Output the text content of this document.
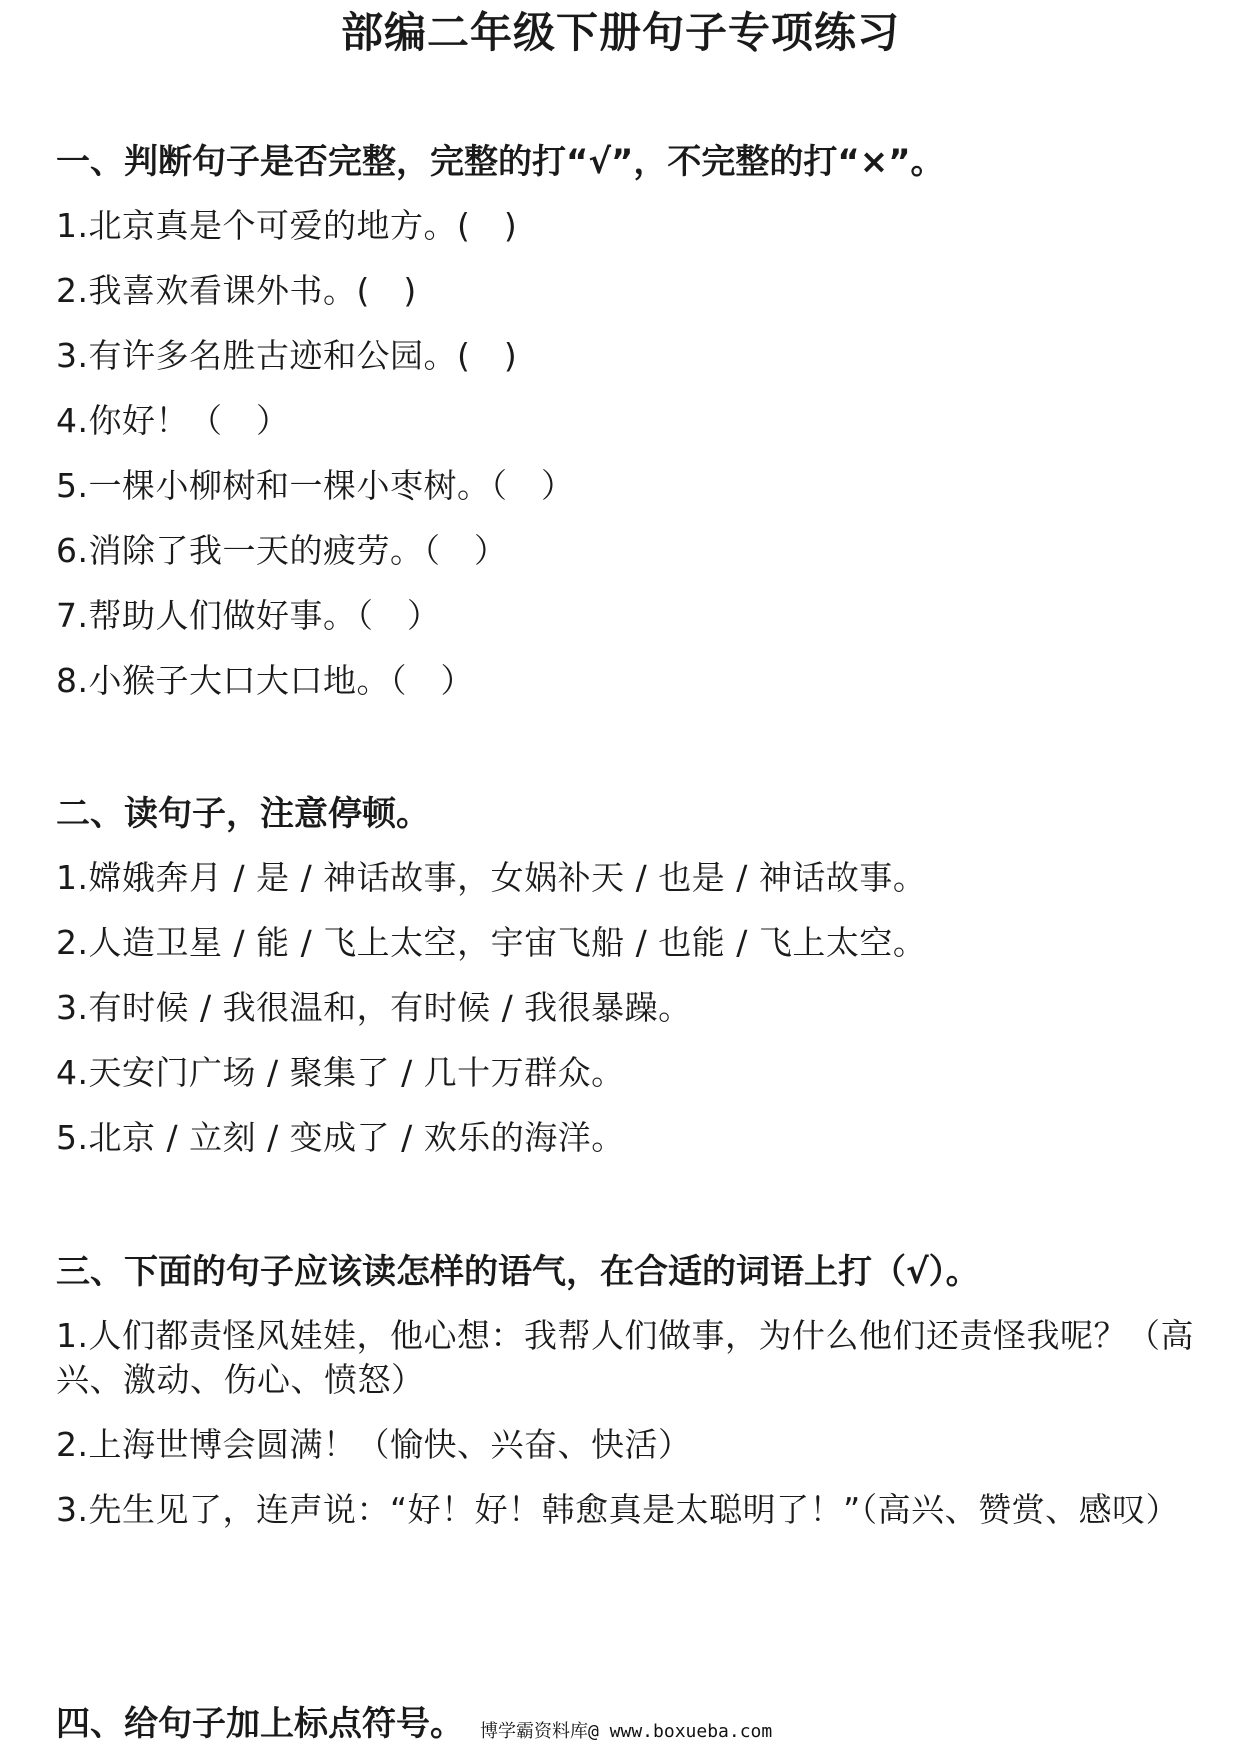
部编二年级下册句子专项练习
一、判断句子是否完整，完整的打“√”，不完整的打“×”。
1.北京真是个可爱的地方。(　)
2.我喜欢看课外书。(　)
3.有许多名胜古迹和公园。(　)
4.你好！（　）
5.一棵小柳树和一棵小枣树。（　）
6.消除了我一天的疲劳。（　）
7.帮助人们做好事。（　）
8.小猴子大口大口地。（　）
二、读句子，注意停顿。
1.嫦娥奔月 / 是 / 神话故事，女娲补天 / 也是 / 神话故事。
2.人造卫星 / 能 / 飞上太空，宇宙飞船 / 也能 / 飞上太空。
3.有时候 / 我很温和，有时候 / 我很暴躁。
4.天安门广场 / 聚集了 / 几十万群众。
5.北京 / 立刻 / 变成了 / 欢乐的海洋。
三、下面的句子应该读怎样的语气，在合适的词语上打（√）。
1.人们都责怪风娃娃，他心想：我帮人们做事，为什么他们还责怪我呢？（高兴、激动、伤心、愤怒）
2.上海世博会圆满！（愉快、兴奋、快活）
3.先生见了，连声说：“好！好！韩愈真是太聪明了！”（高兴、赞赏、感叹）
四、给句子加上标点符号。 博学霸资料库@ www.boxueba.com
